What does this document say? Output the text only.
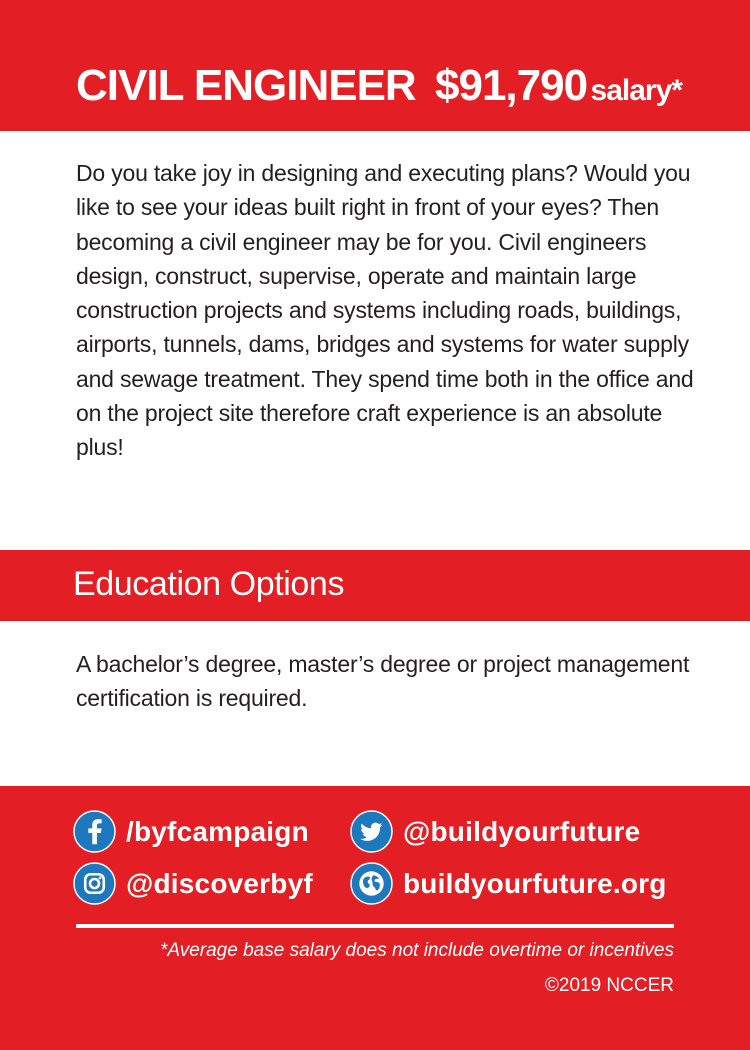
CIVIL ENGINEER $91,790 salary*

Do you take joy in designing and executing plans? Would you like to see your ideas built right in front of your eyes? Then becoming a civil engineer may be for you. Civil engineers design, construct, supervise, operate and maintain large construction projects and systems including roads, buildings, airports, tunnels, dams, bridges and systems for water supply and sewage treatment. They spend time both in the office and on the project site therefore craft experience is an absolute plus!

Education Options

A bachelor’s degree, master’s degree or project management certification is required.

/byfcampaign	@buildyourfuture
@discoverbyf	buildyourfuture.org
*Average base salary does not include overtime or incentives
©2019 NCCER
